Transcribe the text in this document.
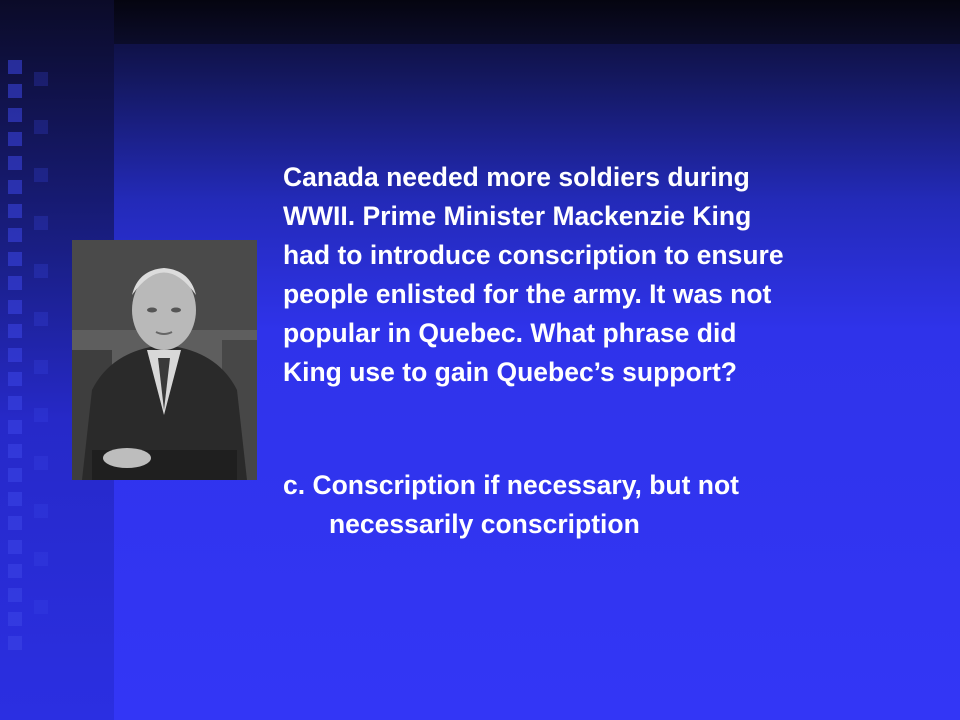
Canada needed more soldiers during
WWII. Prime Minister Mackenzie King
had to introduce conscription to ensure
people enlisted for the army. It was not
popular in Quebec. What phrase did
King use to gain Quebec’s support?
c. Conscription if necessary, but not
necessarily conscription
